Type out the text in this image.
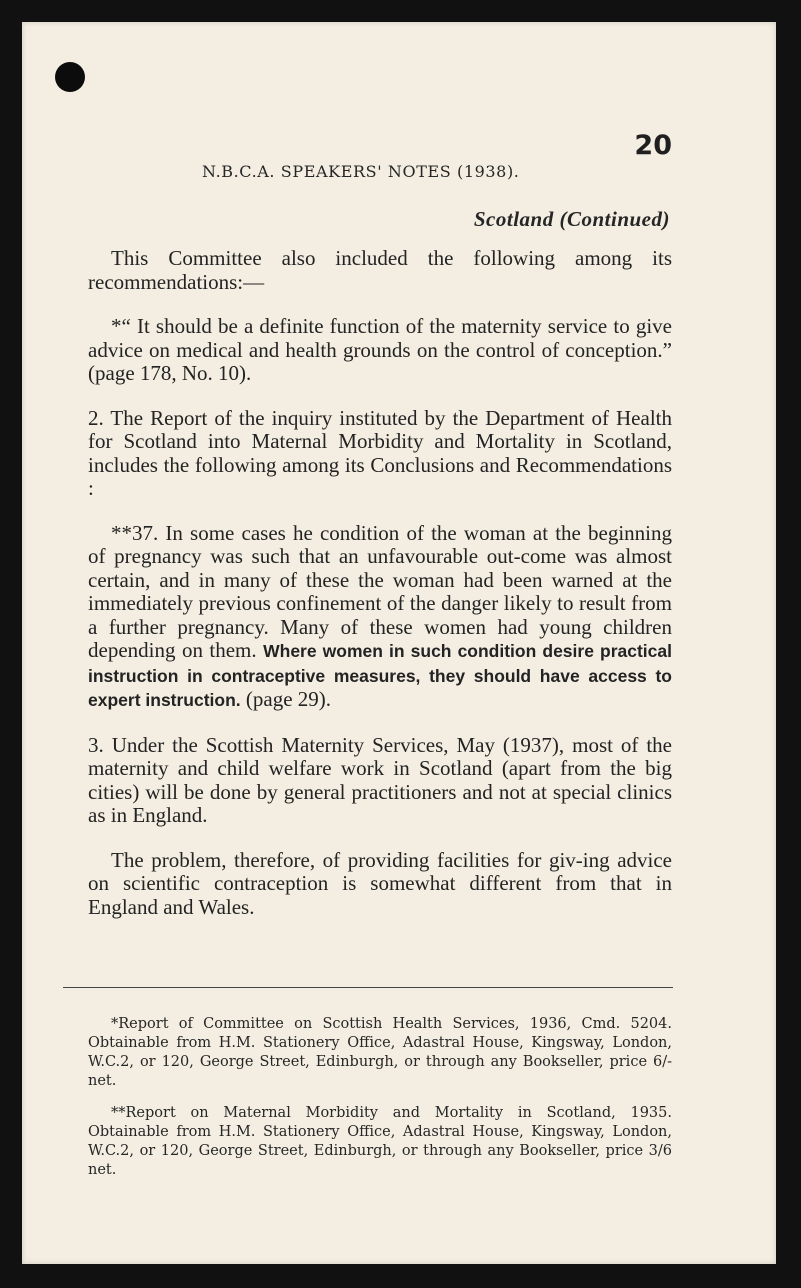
20
N.B.C.A. SPEAKERS' NOTES (1938).
Scotland (Continued)

This Committee also included the following among its recommendations:—

*“ It should be a definite function of the maternity service to give advice on medical and health grounds on the control of conception.” (page 178, No. 10).

2. The Report of the inquiry instituted by the Department of Health for Scotland into Maternal Morbidity and Mortality in Scotland, includes the following among its Conclusions and Recommendations :

**37. In some cases he condition of the woman at the beginning of pregnancy was such that an unfavourable out-come was almost certain, and in many of these the woman had been warned at the immediately previous confinement of the danger likely to result from a further pregnancy. Many of these women had young children depending on them. Where women in such condition desire practical instruction in contraceptive measures, they should have access to expert instruction. (page 29).

3. Under the Scottish Maternity Services, May (1937), most of the maternity and child welfare work in Scotland (apart from the big cities) will be done by general practitioners and not at special clinics as in England.

The problem, therefore, of providing facilities for giv-ing advice on scientific contraception is somewhat different from that in England and Wales.

*Report of Committee on Scottish Health Services, 1936, Cmd. 5204. Obtainable from H.M. Stationery Office, Adastral House, Kingsway, London, W.C.2, or 120, George Street, Edinburgh, or through any Bookseller, price 6/- net.

**Report on Maternal Morbidity and Mortality in Scotland, 1935. Obtainable from H.M. Stationery Office, Adastral House, Kingsway, London, W.C.2, or 120, George Street, Edinburgh, or through any Bookseller, price 3/6 net.
